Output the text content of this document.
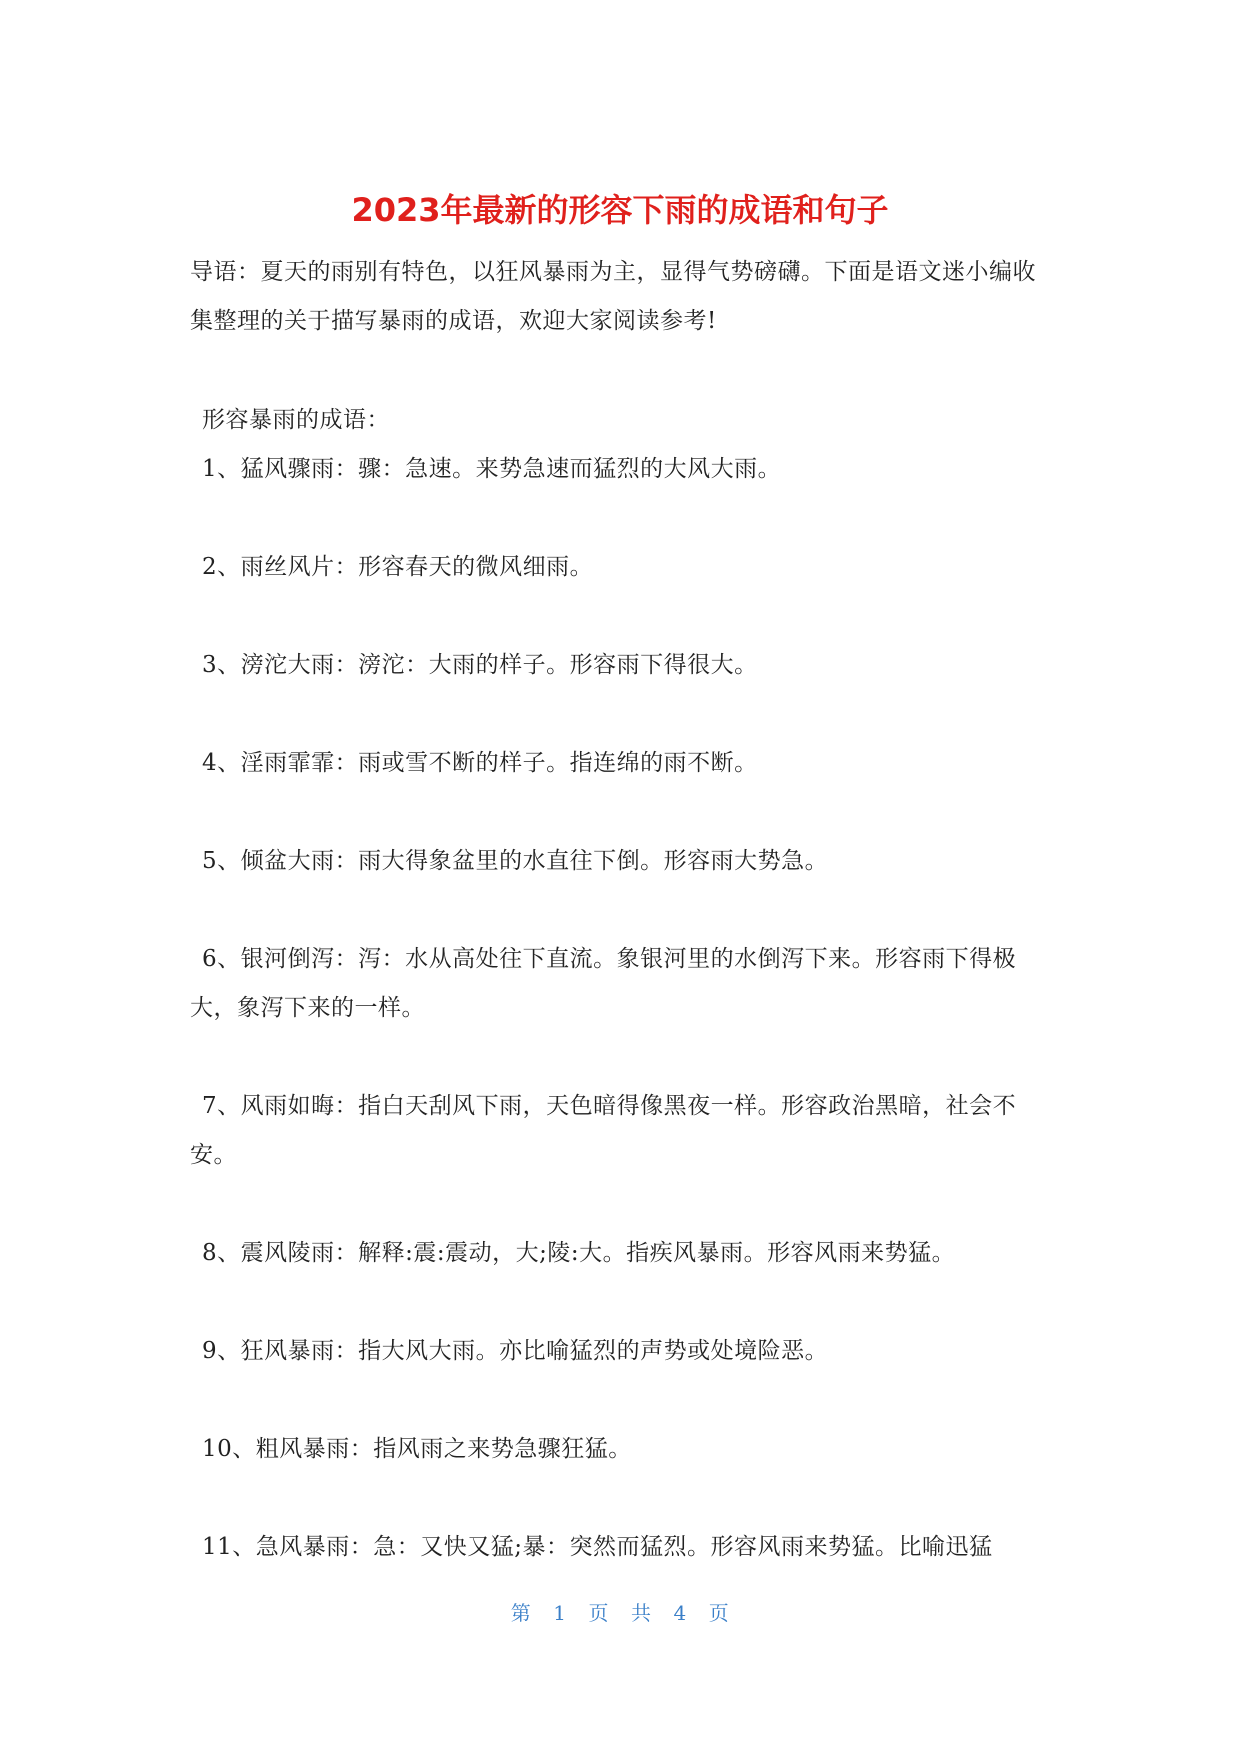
2023年最新的形容下雨的成语和句子

导语：夏天的雨别有特色，以狂风暴雨为主，显得气势磅礴。下面是语文迷小编收集整理的关于描写暴雨的成语，欢迎大家阅读参考!

形容暴雨的成语：

1、猛风骤雨：骤：急速。来势急速而猛烈的大风大雨。

2、雨丝风片：形容春天的微风细雨。

3、滂沱大雨：滂沱：大雨的样子。形容雨下得很大。

4、淫雨霏霏：雨或雪不断的样子。指连绵的雨不断。

5、倾盆大雨：雨大得象盆里的水直往下倒。形容雨大势急。

6、银河倒泻：泻：水从高处往下直流。象银河里的水倒泻下来。形容雨下得极大，象泻下来的一样。

7、风雨如晦：指白天刮风下雨，天色暗得像黑夜一样。形容政治黑暗，社会不安。

8、震风陵雨：解释:震:震动，大;陵:大。指疾风暴雨。形容风雨来势猛。

9、狂风暴雨：指大风大雨。亦比喻猛烈的声势或处境险恶。

10、粗风暴雨：指风雨之来势急骤狂猛。

11、急风暴雨：急：又快又猛;暴：突然而猛烈。形容风雨来势猛。比喻迅猛

第 1 页 共 4 页
